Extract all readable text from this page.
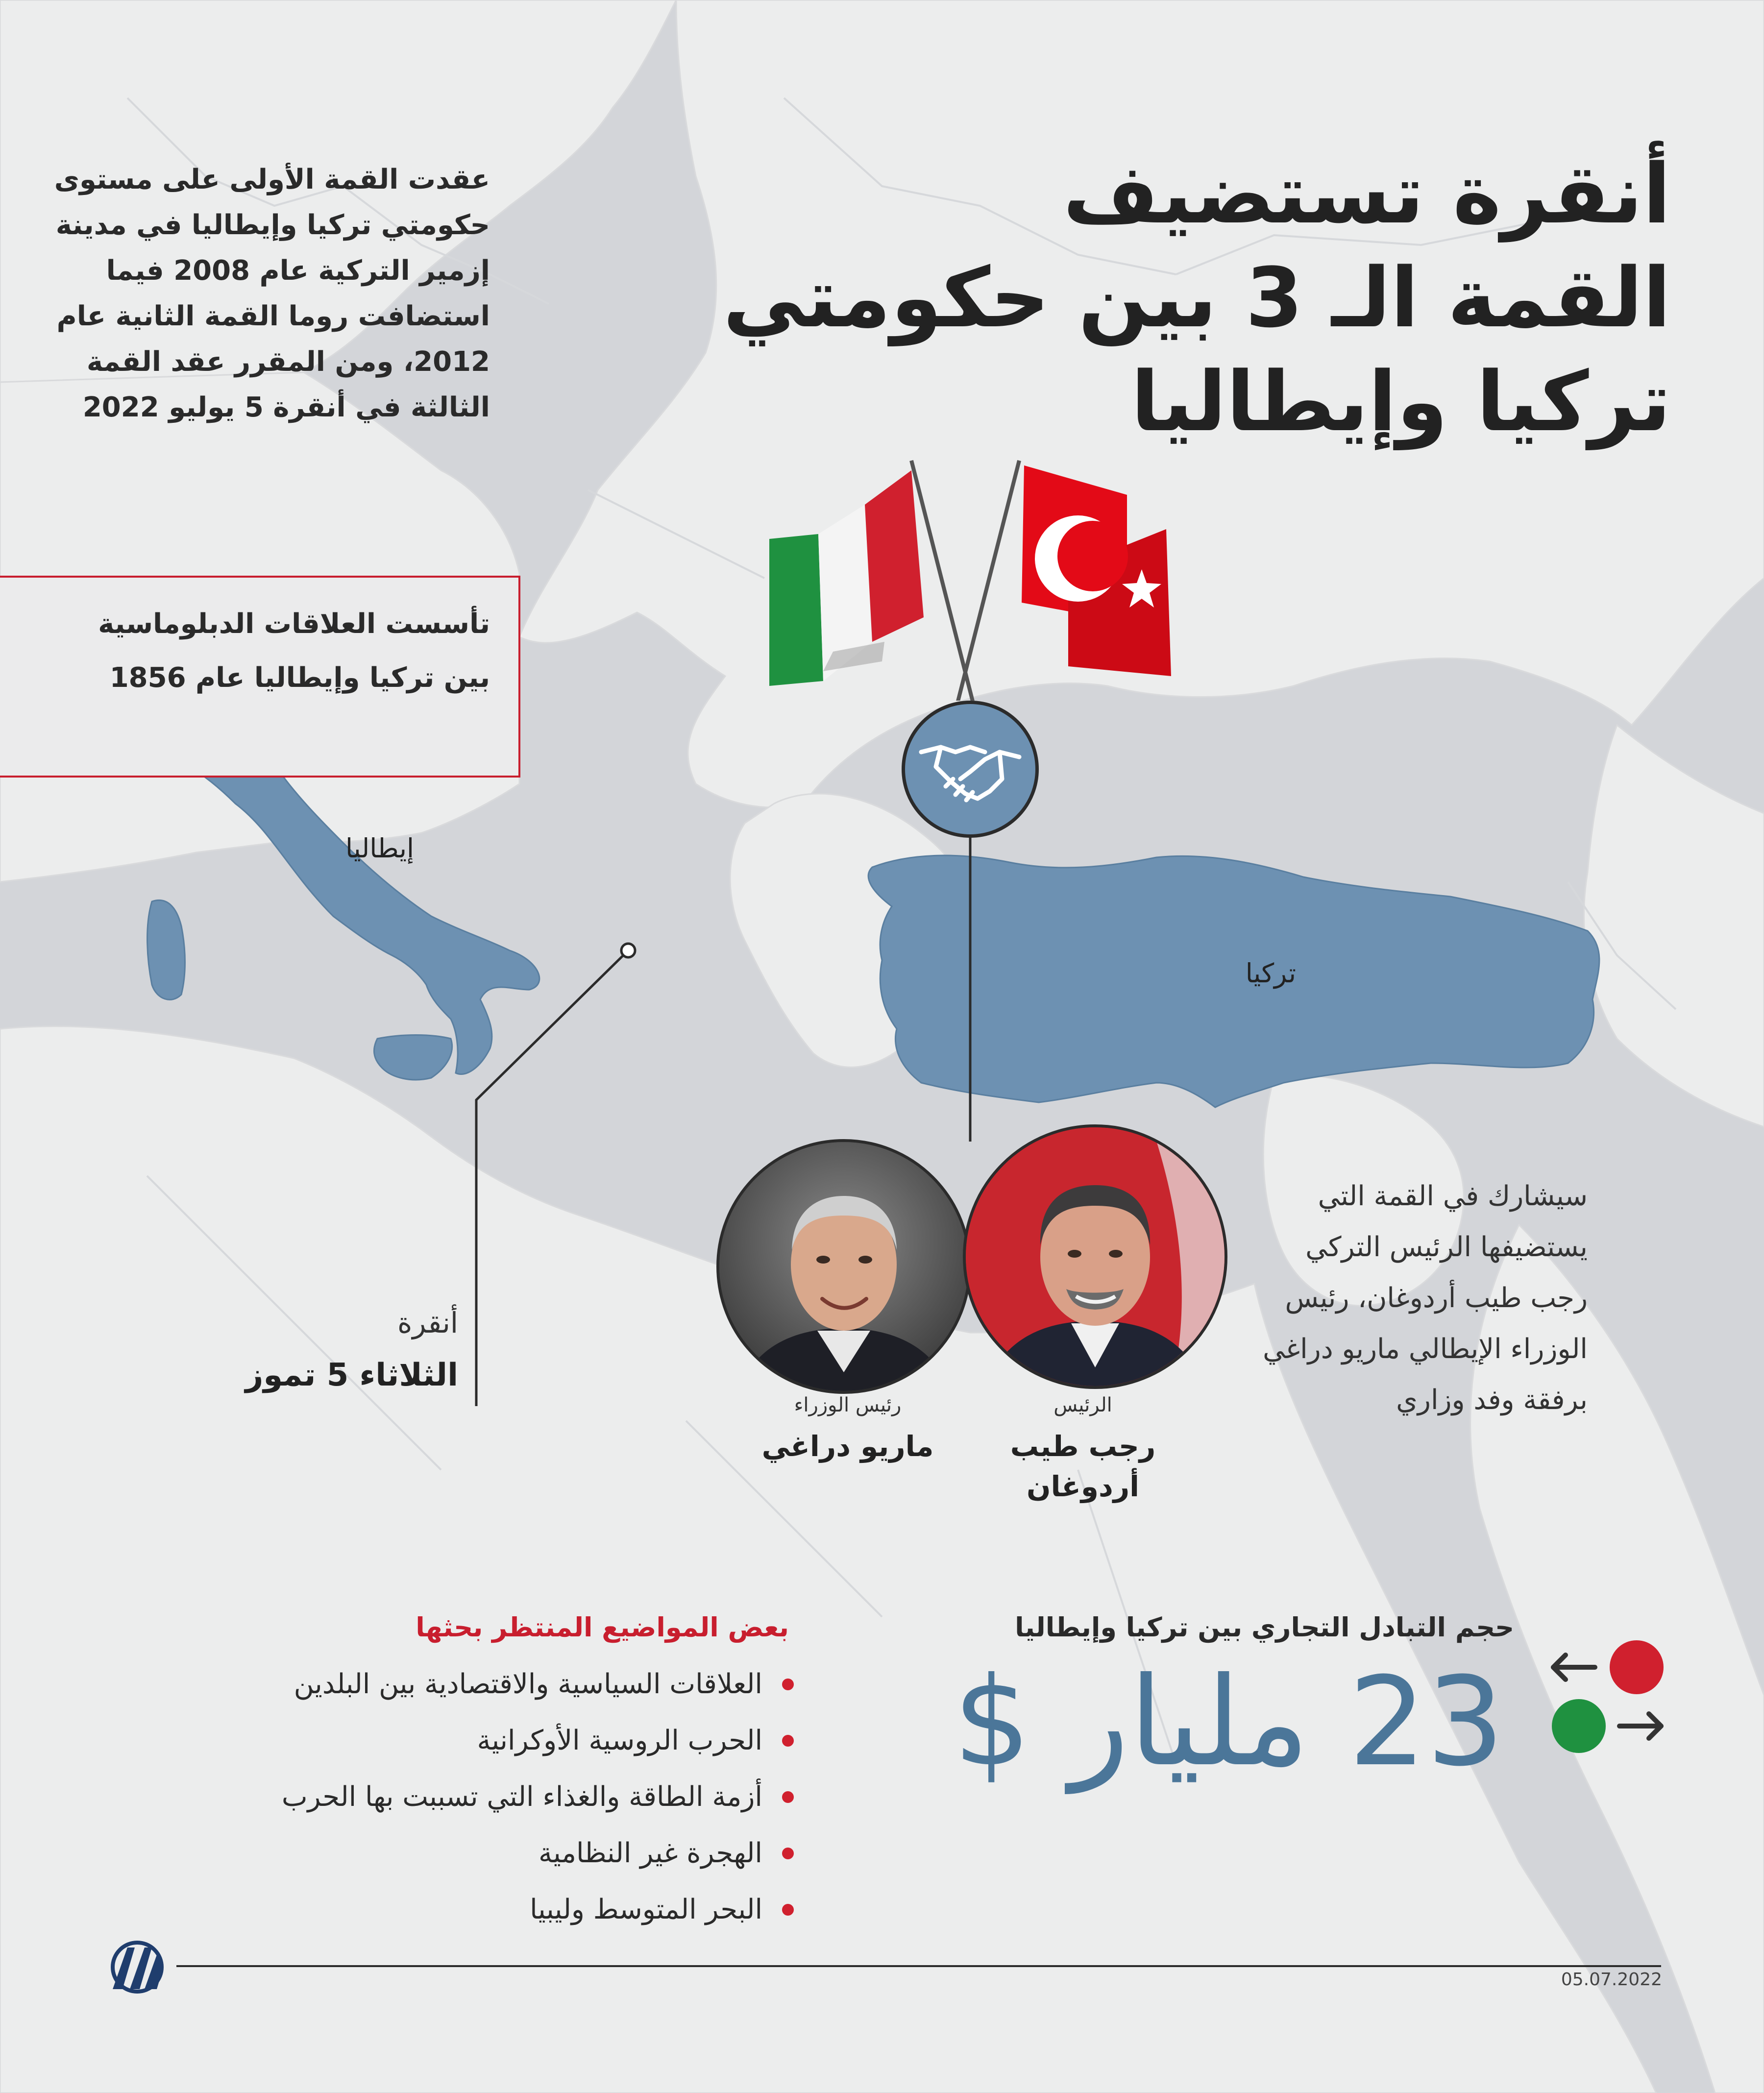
أنقرة تستضيف
القمة الـ 3 بين حكومتي
تركيا وإيطاليا
عقدت القمة الأولى على مستوى حكومتي تركيا وإيطاليا في مدينة إزمير التركية عام 2008 فيما استضافت روما القمة الثانية عام 2012، ومن المقرر عقد القمة الثالثة في أنقرة 5 يوليو 2022
تأسست العلاقات الدبلوماسية بين تركيا وإيطاليا عام 1856
إيطاليا
تركيا
أنقرة
الثلاثاء 5 تموز
الرئيس
رجب طيب
أردوغان
رئيس الوزراء
ماريو دراغي
سيشارك في القمة التي يستضيفها الرئيس التركي رجب طيب أردوغان، رئيس الوزراء الإيطالي ماريو دراغي برفقة وفد وزاري
حجم التبادل التجاري بين تركيا وإيطاليا
23 مليار $
بعض المواضيع المنتظر بحثها
العلاقات السياسية والاقتصادية بين البلدين
الحرب الروسية الأوكرانية
أزمة الطاقة والغذاء التي تسببت بها الحرب
الهجرة غير النظامية
البحر المتوسط وليبيا
05.07.2022
